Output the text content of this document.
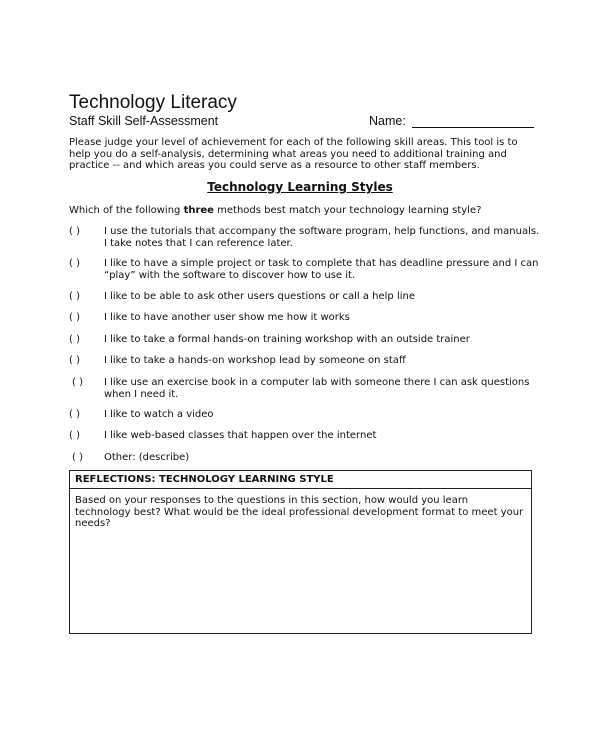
Technology Literacy
Staff Skill Self-Assessment	Name:
Please judge your level of achievement for each of the following skill areas. This tool is to help you do a self-analysis, determining what areas you need to additional training and practice -- and which areas you could serve as a resource to other staff members.
Technology Learning Styles
Which of the following three methods best match your technology learning style?
( ) I use the tutorials that accompany the software program, help functions, and manuals. I take notes that I can reference later.
( ) I like to have a simple project or task to complete that has deadline pressure and I can “play” with the software to discover how to use it.
( ) I like to be able to ask other users questions or call a help line
( ) I like to have another user show me how it works
( ) I like to take a formal hands-on training workshop with an outside trainer
( ) I like to take a hands-on workshop lead by someone on staff
( ) I like use an exercise book in a computer lab with someone there I can ask questions when I need it.
( ) I like to watch a video
( ) I like web-based classes that happen over the internet
( ) Other: (describe)
REFLECTIONS: TECHNOLOGY LEARNING STYLE
Based on your responses to the questions in this section, how would you learn technology best? What would be the ideal professional development format to meet your needs?
